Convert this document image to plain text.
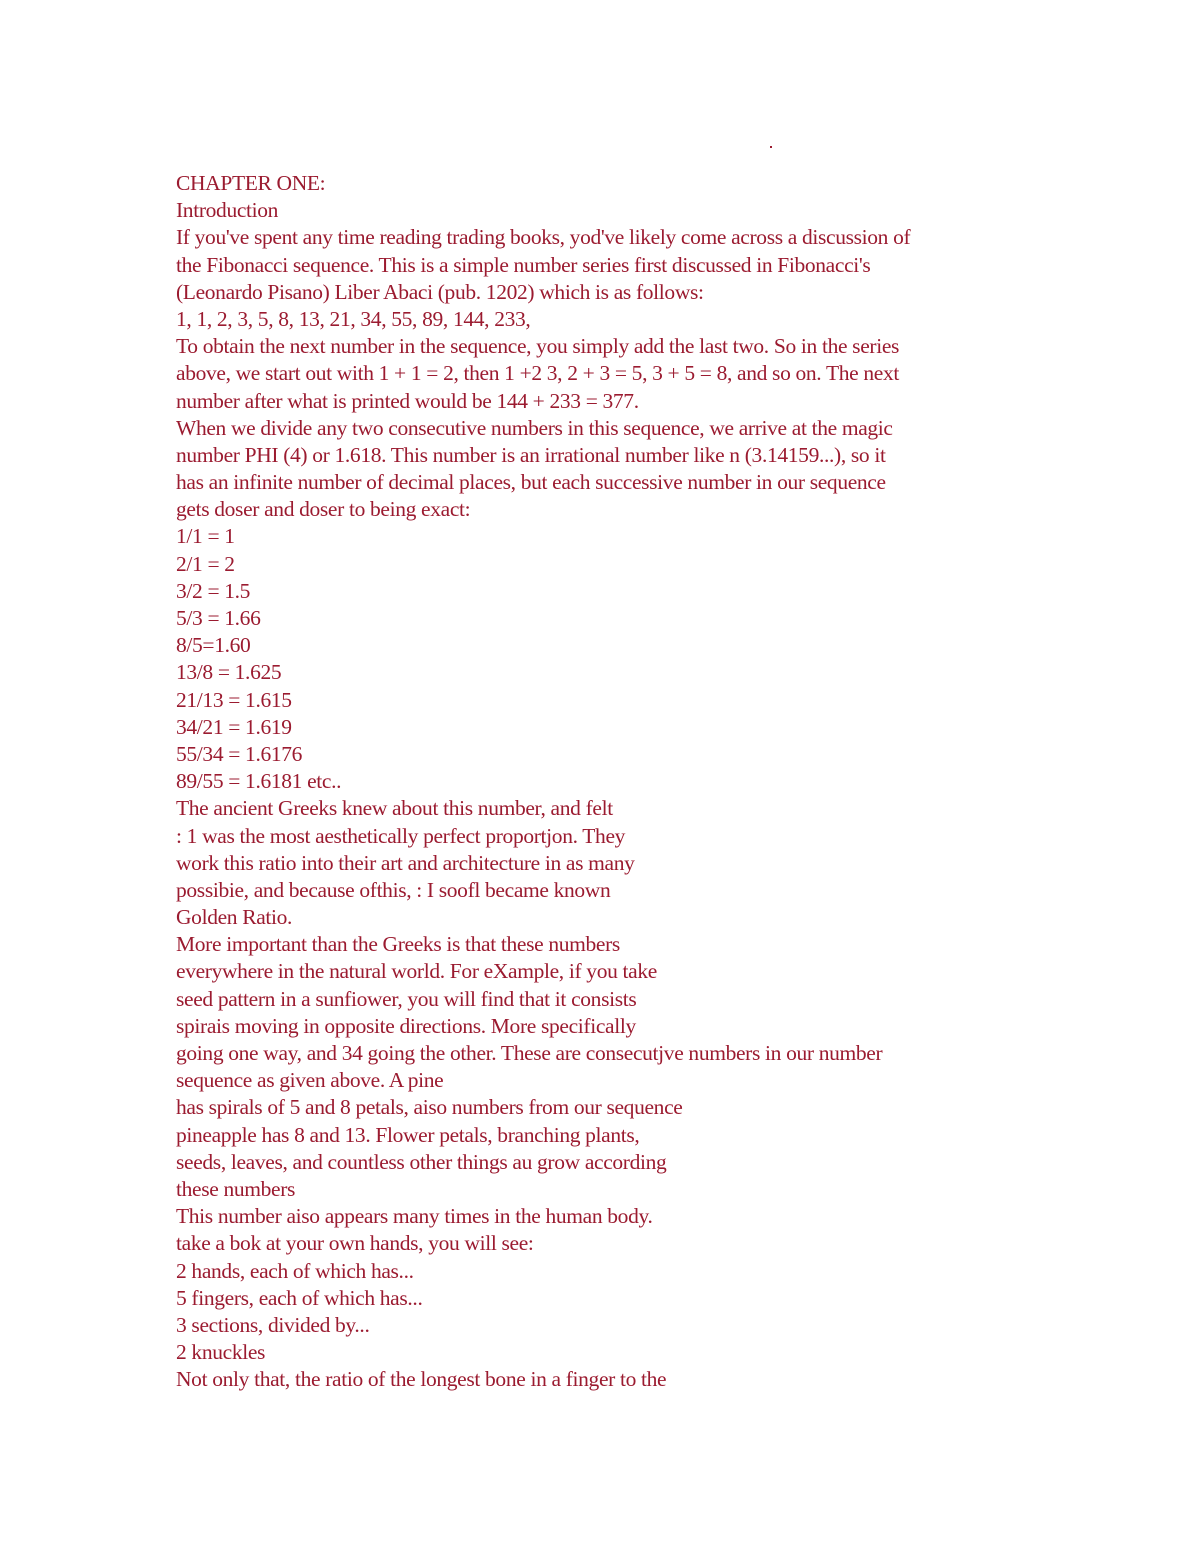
CHAPTER ONE:
Introduction
If you've spent any time reading trading books, yod've likely come across a discussion of
the Fibonacci sequence. This is a simple number series first discussed in Fibonacci's
(Leonardo Pisano) Liber Abaci (pub. 1202) which is as follows:
1, 1, 2, 3, 5, 8, 13, 21, 34, 55, 89, 144, 233,
To obtain the next number in the sequence, you simply add the last two. So in the series
above, we start out with 1 + 1 = 2, then 1 +2 3, 2 + 3 = 5, 3 + 5 = 8, and so on. The next
number after what is printed would be 144 + 233 = 377.
When we divide any two consecutive numbers in this sequence, we arrive at the magic
number PHI (4) or 1.618. This number is an irrational number like n (3.14159...), so it
has an infinite number of decimal places, but each successive number in our sequence
gets doser and doser to being exact:
1/1 = 1
2/1 = 2
3/2 = 1.5
5/3 = 1.66
8/5=1.60
13/8 = 1.625
21/13 = 1.615
34/21 = 1.619
55/34 = 1.6176
89/55 = 1.6181 etc..
The ancient Greeks knew about this number, and felt
: 1 was the most aesthetically perfect proportjon. They
work this ratio into their art and architecture in as many
possibie, and because ofthis, : I soofl became known
Golden Ratio.
More important than the Greeks is that these numbers
everywhere in the natural world. For eXample, if you take
seed pattern in a sunfiower, you will find that it consists
spirais moving in opposite directions. More specifically
going one way, and 34 going the other. These are consecutjve numbers in our number
sequence as given above. A pine
has spirals of 5 and 8 petals, aiso numbers from our sequence
pineapple has 8 and 13. Flower petals, branching plants,
seeds, leaves, and countless other things au grow according
these numbers
This number aiso appears many times in the human body.
take a bok at your own hands, you will see:
2 hands, each of which has...
5 fingers, each of which has...
3 sections, divided by...
2 knuckles
Not only that, the ratio of the longest bone in a finger to the
